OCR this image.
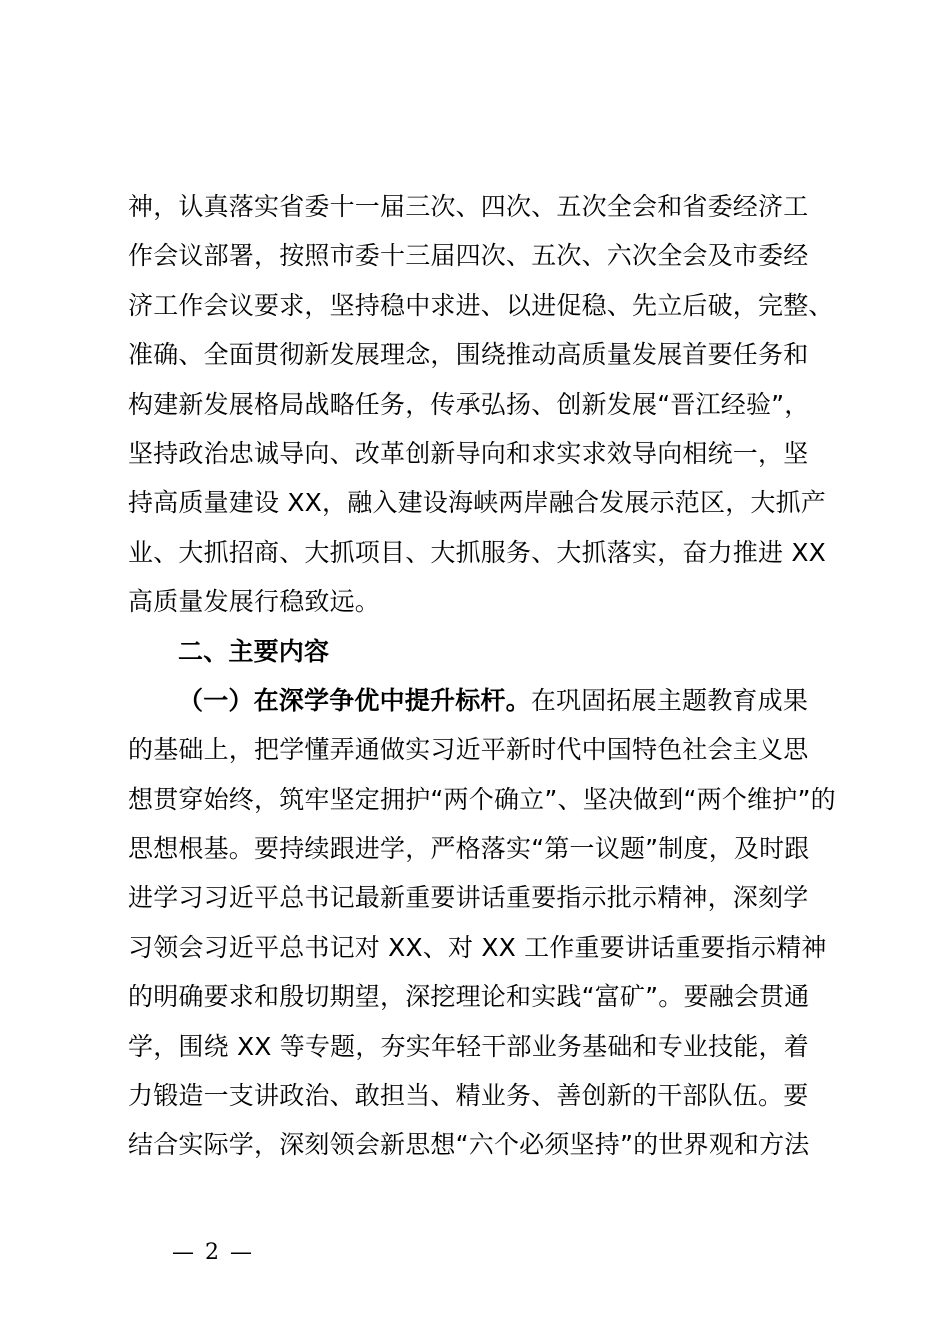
神，认真落实省委十一届三次、四次、五次全会和省委经济工
作会议部署，按照市委十三届四次、五次、六次全会及市委经
济工作会议要求，坚持稳中求进、以进促稳、先立后破，完整、
准确、全面贯彻新发展理念，围绕推动高质量发展首要任务和
构建新发展格局战略任务，传承弘扬、创新发展“晋江经验”，
坚持政治忠诚导向、改革创新导向和求实求效导向相统一，坚
持高质量建设 XX，融入建设海峡两岸融合发展示范区，大抓产
业、大抓招商、大抓项目、大抓服务、大抓落实，奋力推进 XX
高质量发展行稳致远。
二、主要内容
（一）在深学争优中提升标杆。在巩固拓展主题教育成果
的基础上，把学懂弄通做实习近平新时代中国特色社会主义思
想贯穿始终，筑牢坚定拥护“两个确立”、坚决做到“两个维护”的
思想根基。要持续跟进学，严格落实“第一议题”制度，及时跟
进学习习近平总书记最新重要讲话重要指示批示精神，深刻学
习领会习近平总书记对 XX、对 XX 工作重要讲话重要指示精神
的明确要求和殷切期望，深挖理论和实践“富矿”。要融会贯通
学，围绕 XX 等专题，夯实年轻干部业务基础和专业技能，着
力锻造一支讲政治、敢担当、精业务、善创新的干部队伍。要
结合实际学，深刻领会新思想“六个必须坚持”的世界观和方法
— 2 —
